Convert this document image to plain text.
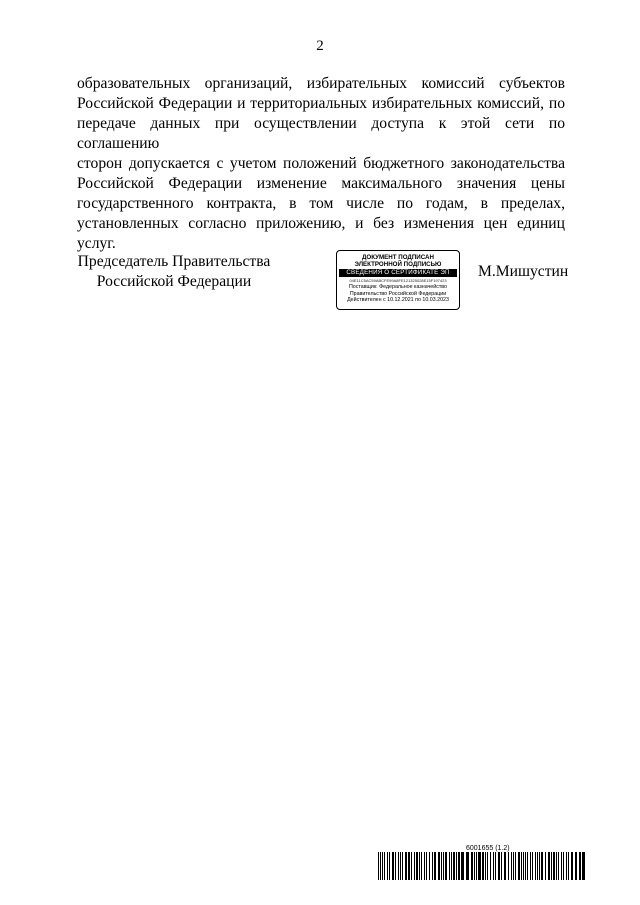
2
образовательных организаций, избирательных комиссий субъектов
Российской Федерации и территориальных избирательных комиссий, по
передаче данных при осуществлении доступа к этой сети по соглашению
сторон допускается с учетом положений бюджетного законодательства
Российской Федерации изменение максимального значения цены
государственного контракта, в том числе по годам, в пределах,
установленных согласно приложению, и без изменения цен единиц услуг.
Председатель Правительства
Российской Федерации
ДОКУМЕНТ ПОДПИСАН
ЭЛЕКТРОННОЙ ПОДПИСЬЮ
СВЕДЕНИЯ О СЕРТИФИКАТЕ ЭП
04E11C5AC59ABCFE99A8FE121325028E15F197423
Поставщик: Федеральное казначейство
Правительство Российской Федерации
Действителен с 10.12.2021 по 10.03.2023
М.Мишустин
6001655 (1.2)
